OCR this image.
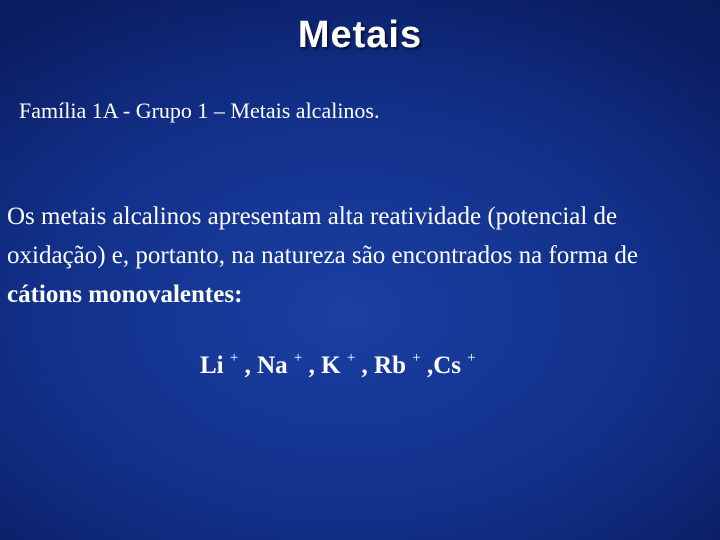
Metais
Família 1A - Grupo 1 – Metais alcalinos.
Os metais alcalinos apresentam alta reatividade (potencial de oxidação) e, portanto, na natureza são encontrados na forma de cátions monovalentes:
Li + , Na + , K + , Rb + ,Cs +
